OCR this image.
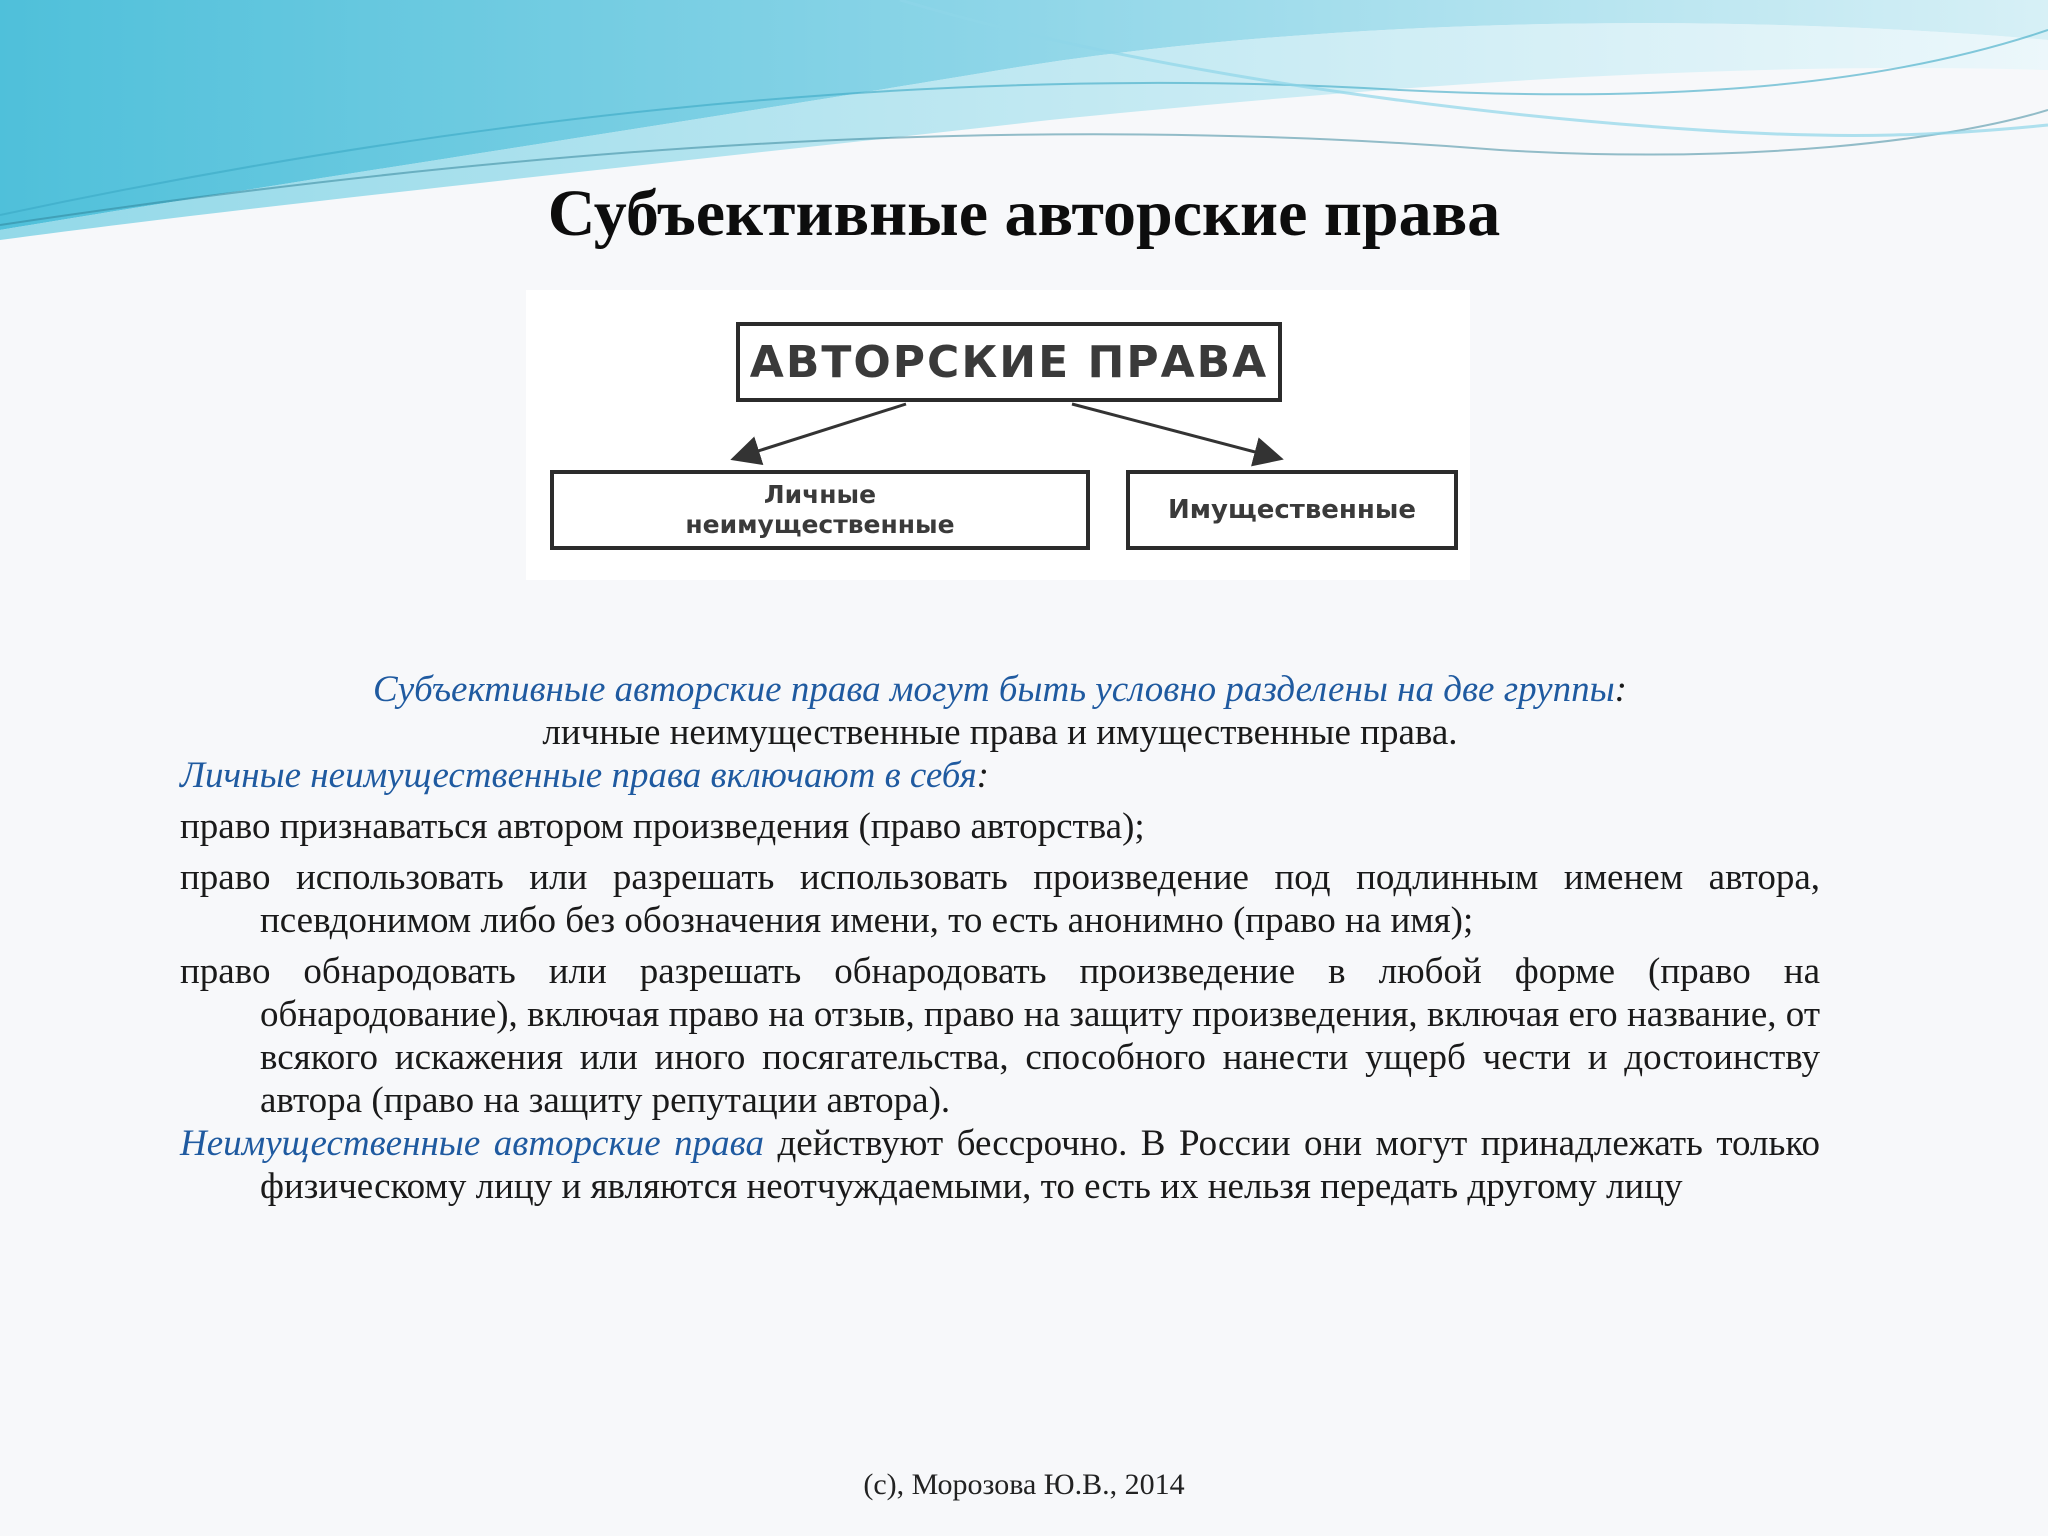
Субъективные авторские права
АВТОРСКИЕ ПРАВА
Личные
неимущественные	Имущественные

Субъективные авторские права могут быть условно разделены на две группы:

личные неимущественные права и имущественные права.

Личные неимущественные права включают в себя:

право признаваться автором произведения (право авторства);

право использовать или разрешать использовать произведение под подлинным именем автора, псевдонимом либо без обозначения имени, то есть анонимно (право на имя);

право обнародовать или разрешать обнародовать произведение в любой форме (право на обнародование), включая право на отзыв, право на защиту произведения, включая его название, от всякого искажения или иного посягательства, способного нанести ущерб чести и достоинству автора (право на защиту репутации автора).

Неимущественные авторские права действуют бессрочно. В России они могут принадлежать только физическому лицу и являются неотчуждаемыми, то есть их нельзя передать другому лицу

(с), Морозова Ю.В., 2014
